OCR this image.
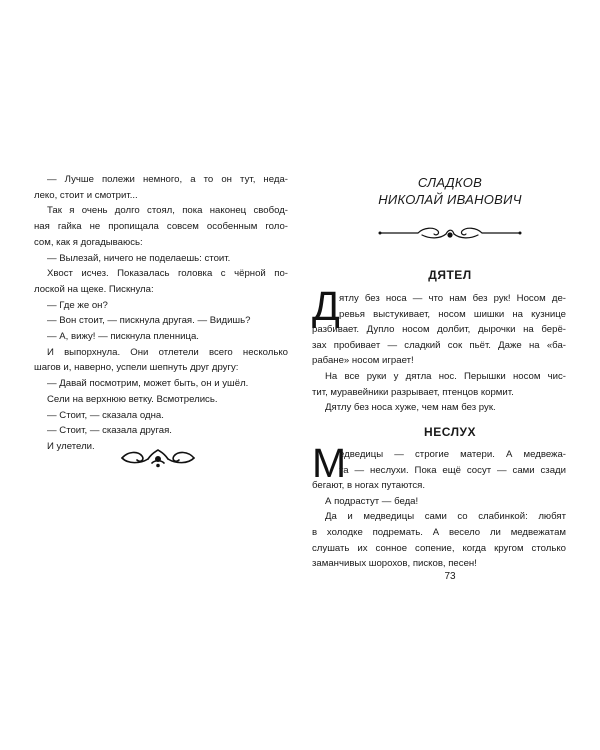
— Лучше полежи немного, а то он тут, неда-
леко, стоит и смотрит...
Так я очень долго стоял, пока наконец свобод-
ная гайка не пропищала совсем особенным голо-
сом, как я догадываюсь:
— Вылезай, ничего не поделаешь: стоит.
Хвост исчез. Показалась головка с чёрной по-
лоской на щеке. Пискнула:
— Где же он?
— Вон стоит, — пискнула другая. — Видишь?
— А, вижу! — пискнула пленница.
И выпорхнула. Они отлетели всего несколько
шагов и, наверно, успели шепнуть друг другу:
— Давай посмотрим, может быть, он и ушёл.
Сели на верхнюю ветку. Всмотрелись.
— Стоит, — сказала одна.
— Стоит, — сказала другая.
И улетели.
СЛАДКОВ
НИКОЛАЙ ИВАНОВИЧ
ДЯТЕЛ
Д ятлу без носа — что нам без рук! Носом де-
ревья выстукивает, носом шишки на кузнице
разбивает. Дупло носом долбит, дырочки на берё-
зах пробивает — сладкий сок пьёт. Даже на «ба-
рабане» носом играет!
На все руки у дятла нос. Перышки носом чис-
тит, муравейники разрывает, птенцов кормит.
Дятлу без носа хуже, чем нам без рук.
НЕСЛУХ
М
едведицы — строгие матери. А медвежа-
та — неслухи. Пока ещё сосут — сами сзади
бегают, в ногах путаются.
А подрастут — беда!
Да и медведицы сами со слабинкой: любят
в холодке подремать. А весело ли медвежатам
слушать их сонное сопение, когда кругом столько
заманчивых шорохов, писков, песен!
73
